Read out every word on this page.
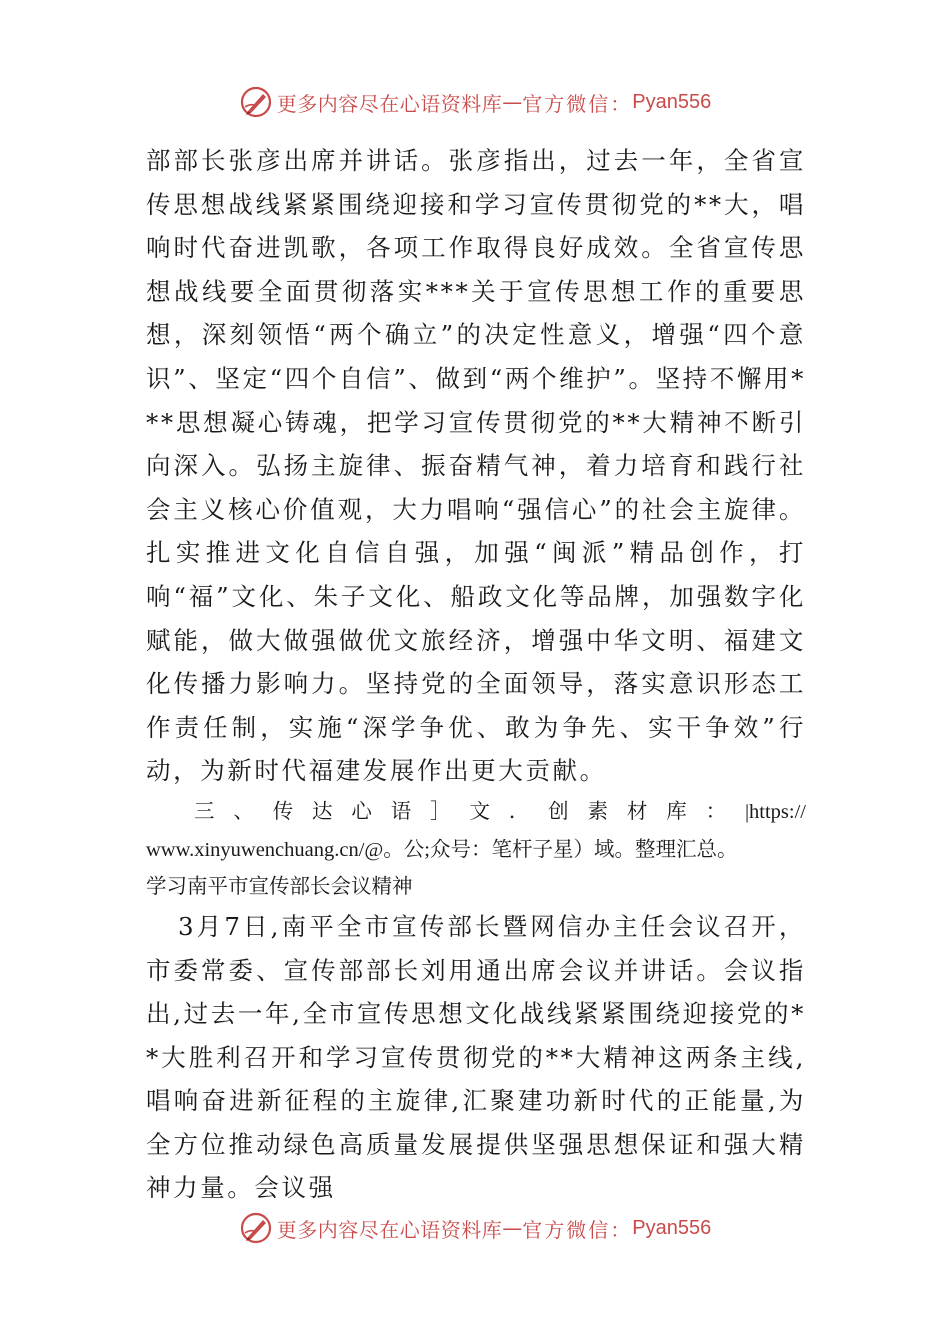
更多内容尽在心语资料库 — 官方微信： Pyan556

部部长张彦出席并讲话。张彦指出，过去一年，全省宣传思想战线紧紧围绕迎接和学习宣传贯彻党的**大，唱响时代奋进凯歌，各项工作取得良好成效。全省宣传思想战线要全面贯彻落实***关于宣传思想工作的重要思想，深刻领悟“两个确立”的决定性意义，增强“四个意识”、坚定“四个自信”、做到“两个维护”。坚持不懈用***思想凝心铸魂，把学习宣传贯彻党的**大精神不断引向深入。弘扬主旋律、振奋精气神，着力培育和践行社会主义核心价值观，大力唱响“强信心”的社会主旋律。扎实推进文化自信自强，加强“闽派”精品创作，打响“福”文化、朱子文化、船政文化等品牌，加强数字化赋能，做大做强做优文旅经济，增强中华文明、福建文化传播力影响力。坚持党的全面领导，落实意识形态工作责任制，实施“深学争优、敢为争先、实干争效”行动，为新时代福建发展作出更大贡献。

三、传达心语］文．创素材库：|https://www.xinyuwenchuang.cn/@。公;众号：笔杆子星）域。整理汇总。

学习南平市宣传部长会议精神

3月7日,南平全市宣传部长暨网信办主任会议召开，市委常委、宣传部部长刘用通出席会议并讲话。会议指出,过去一年,全市宣传思想文化战线紧紧围绕迎接党的**大胜利召开和学习宣传贯彻党的**大精神这两条主线,唱响奋进新征程的主旋律,汇聚建功新时代的正能量,为全方位推动绿色高质量发展提供坚强思想保证和强大精神力量。会议强

更多内容尽在心语资料库 — 官方微信： Pyan556
